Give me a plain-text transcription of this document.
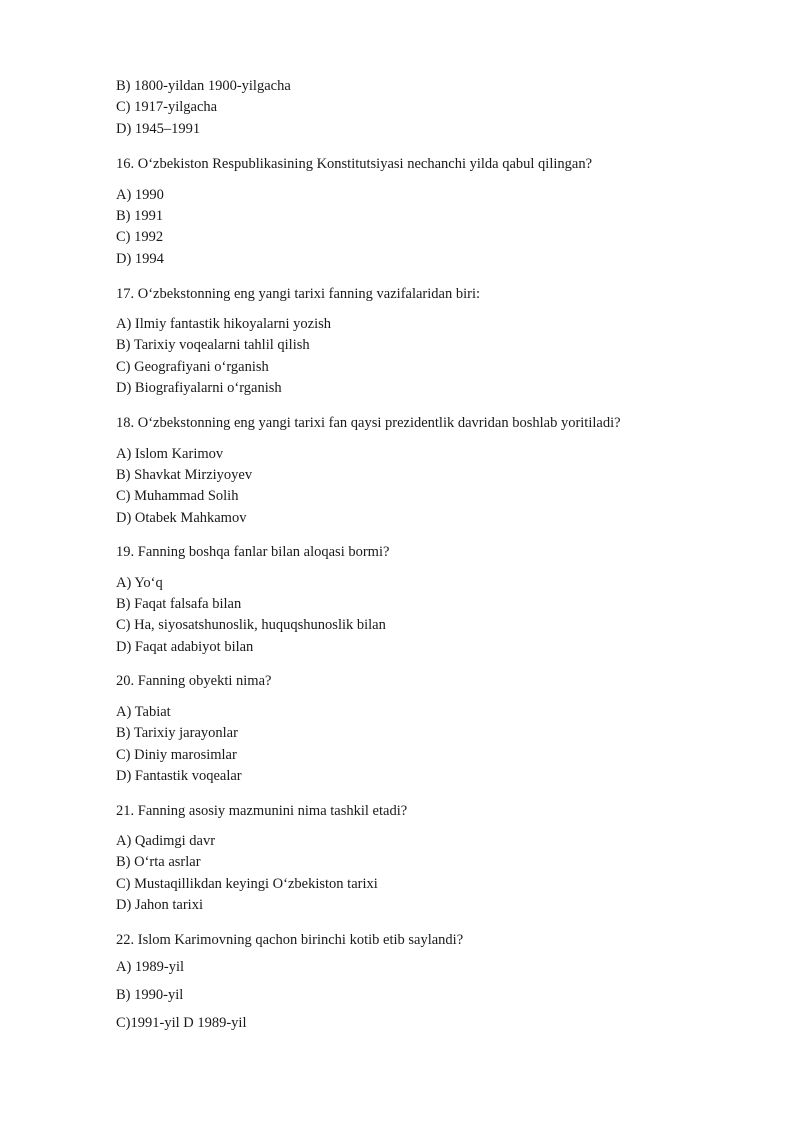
B) 1800-yildan 1900-yilgacha
C) 1917-yilgacha
D) 1945–1991
16. O‘zbekiston Respublikasining Konstitutsiyasi nechanchi yilda qabul qilingan?
A) 1990
B) 1991
C) 1992
D) 1994
17. O‘zbekstonning eng yangi tarixi fanning vazifalaridan biri:
A) Ilmiy fantastik hikoyalarni yozish
B) Tarixiy voqealarni tahlil qilish
C) Geografiyani o‘rganish
D) Biografiyalarni o‘rganish
18. O‘zbekstonning eng yangi tarixi fan qaysi prezidentlik davridan boshlab yoritiladi?
A) Islom Karimov
B) Shavkat Mirziyoyev
C) Muhammad Solih
D) Otabek Mahkamov
19. Fanning boshqa fanlar bilan aloqasi bormi?
A) Yo‘q
B) Faqat falsafa bilan
C) Ha, siyosatshunoslik, huquqshunoslik bilan
D) Faqat adabiyot bilan
20. Fanning obyekti nima?
A) Tabiat
B) Tarixiy jarayonlar
C) Diniy marosimlar
D) Fantastik voqealar
21. Fanning asosiy mazmunini nima tashkil etadi?
A) Qadimgi davr
B) O‘rta asrlar
C) Mustaqillikdan keyingi O‘zbekiston tarixi
D) Jahon tarixi
22. Islom Karimovning qachon birinchi kotib etib saylandi?
A) 1989-yil
B) 1990-yil
C)1991-yil D 1989-yil
